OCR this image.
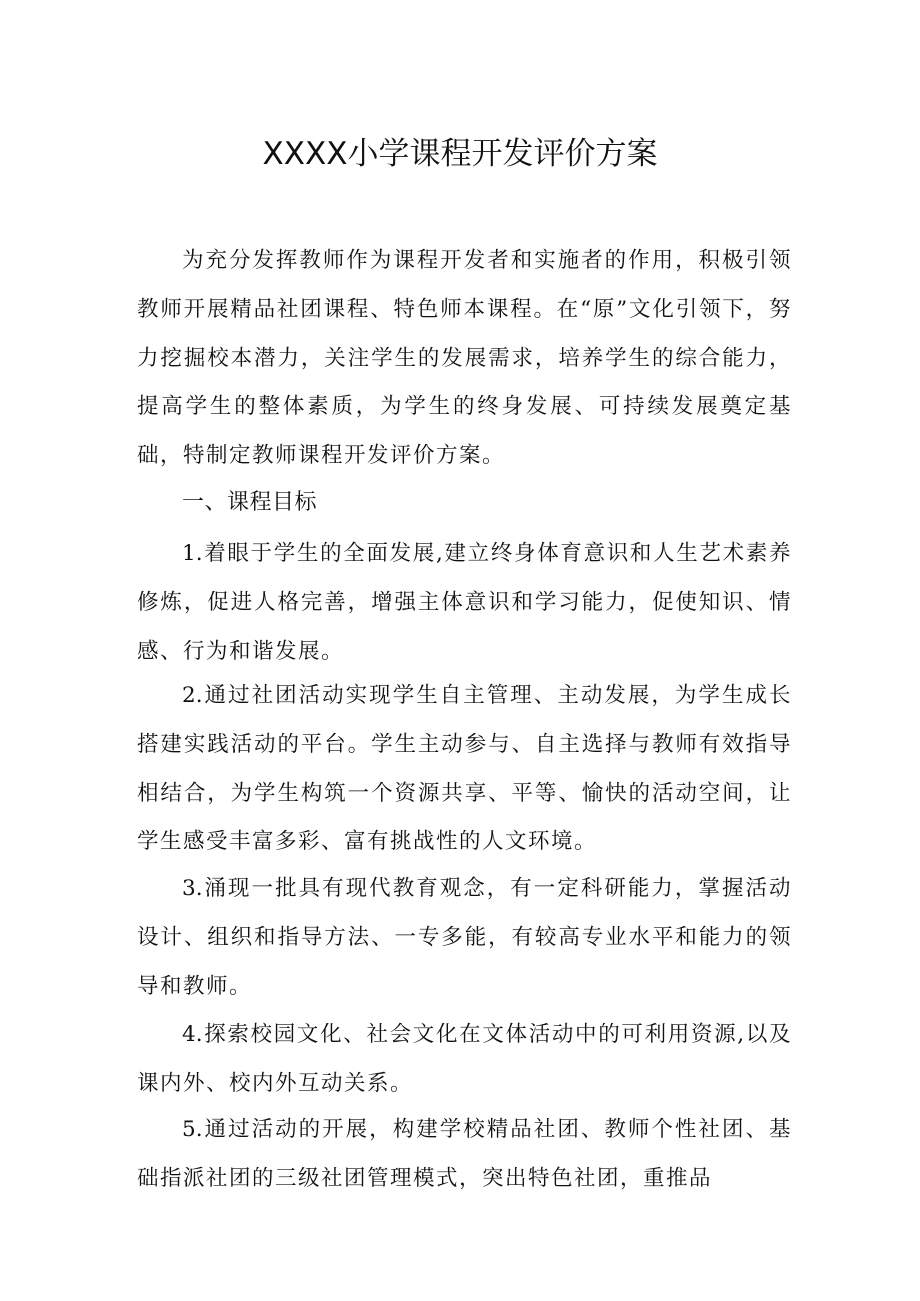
XXXX小学课程开发评价方案

为充分发挥教师作为课程开发者和实施者的作用，积极引领教师开展精品社团课程、特色师本课程。在“原”文化引领下，努力挖掘校本潜力，关注学生的发展需求，培养学生的综合能力，提高学生的整体素质，为学生的终身发展、可持续发展奠定基础，特制定教师课程开发评价方案。

一、课程目标

1.着眼于学生的全面发展,建立终身体育意识和人生艺术素养修炼，促进人格完善，增强主体意识和学习能力，促使知识、情感、行为和谐发展。

2.通过社团活动实现学生自主管理、主动发展，为学生成长搭建实践活动的平台。学生主动参与、自主选择与教师有效指导相结合，为学生构筑一个资源共享、平等、愉快的活动空间，让学生感受丰富多彩、富有挑战性的人文环境。

3.涌现一批具有现代教育观念，有一定科研能力，掌握活动设计、组织和指导方法、一专多能，有较高专业水平和能力的领导和教师。

4.探索校园文化、社会文化在文体活动中的可利用资源,以及课内外、校内外互动关系。

5.通过活动的开展，构建学校精品社团、教师个性社团、基础指派社团的三级社团管理模式，突出特色社团，重推品
